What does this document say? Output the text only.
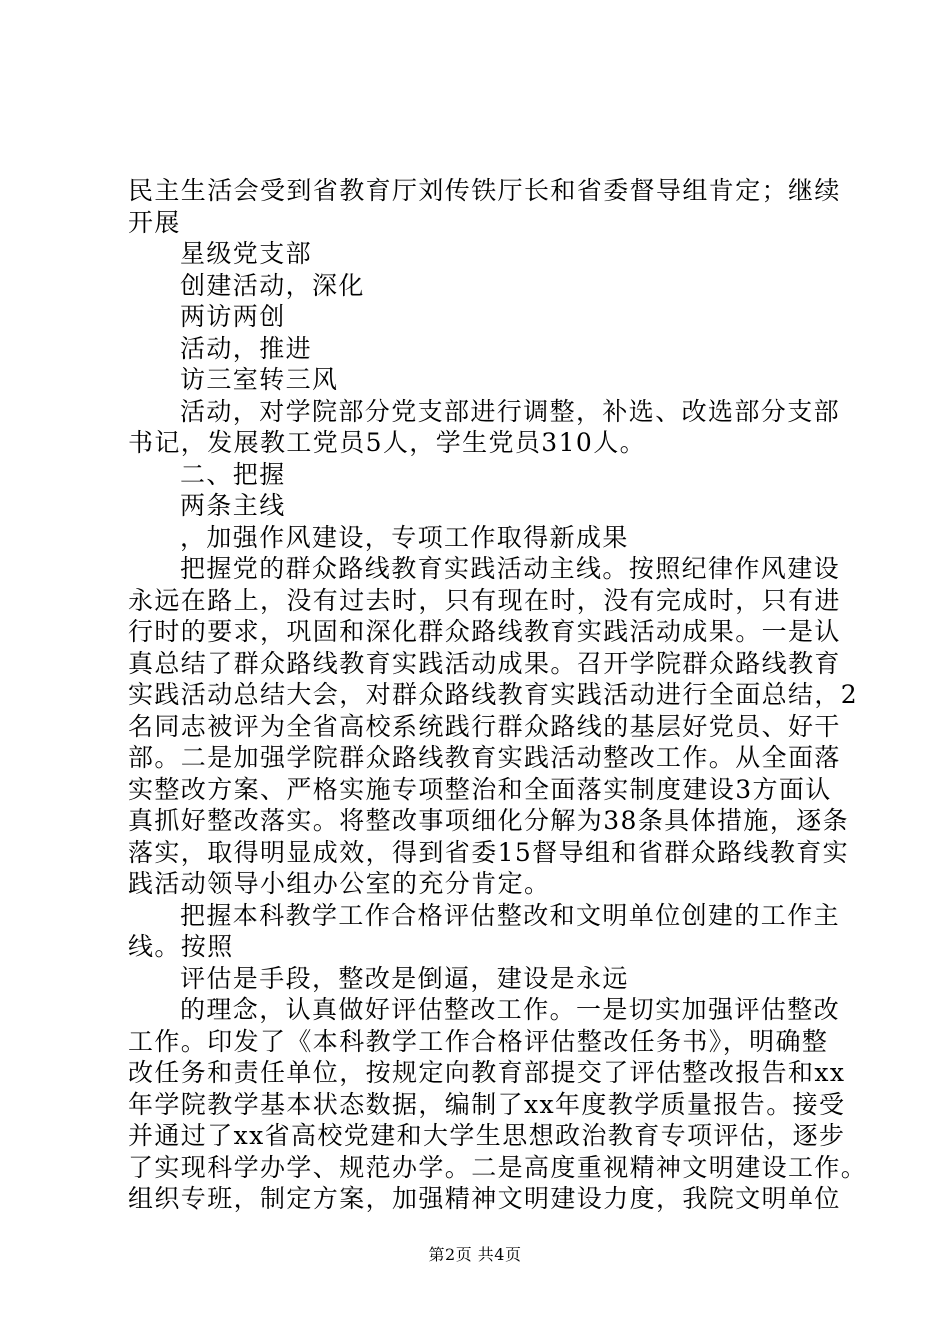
民主生活会受到省教育厅刘传铁厅长和省委督导组肯定；继续
开展
星级党支部
创建活动，深化
两访两创
活动，推进
访三室转三风
活动，对学院部分党支部进行调整，补选、改选部分支部
书记，发展教工党员5人，学生党员310人。
二、把握
两条主线
，加强作风建设，专项工作取得新成果
把握党的群众路线教育实践活动主线。按照纪律作风建设
永远在路上，没有过去时，只有现在时，没有完成时，只有进
行时的要求，巩固和深化群众路线教育实践活动成果。一是认
真总结了群众路线教育实践活动成果。召开学院群众路线教育
实践活动总结大会，对群众路线教育实践活动进行全面总结，2
名同志被评为全省高校系统践行群众路线的基层好党员、好干
部。二是加强学院群众路线教育实践活动整改工作。从全面落
实整改方案、严格实施专项整治和全面落实制度建设3方面认
真抓好整改落实。将整改事项细化分解为38条具体措施，逐条
落实，取得明显成效，得到省委15督导组和省群众路线教育实
践活动领导小组办公室的充分肯定。
把握本科教学工作合格评估整改和文明单位创建的工作主
线。按照
评估是手段，整改是倒逼，建设是永远
的理念，认真做好评估整改工作。一是切实加强评估整改
工作。印发了《本科教学工作合格评估整改任务书》，明确整
改任务和责任单位，按规定向教育部提交了评估整改报告和xx
年学院教学基本状态数据，编制了xx年度教学质量报告。接受
并通过了xx省高校党建和大学生思想政治教育专项评估，逐步
了实现科学办学、规范办学。二是高度重视精神文明建设工作。
组织专班，制定方案，加强精神文明建设力度，我院文明单位
第2页 共4页
